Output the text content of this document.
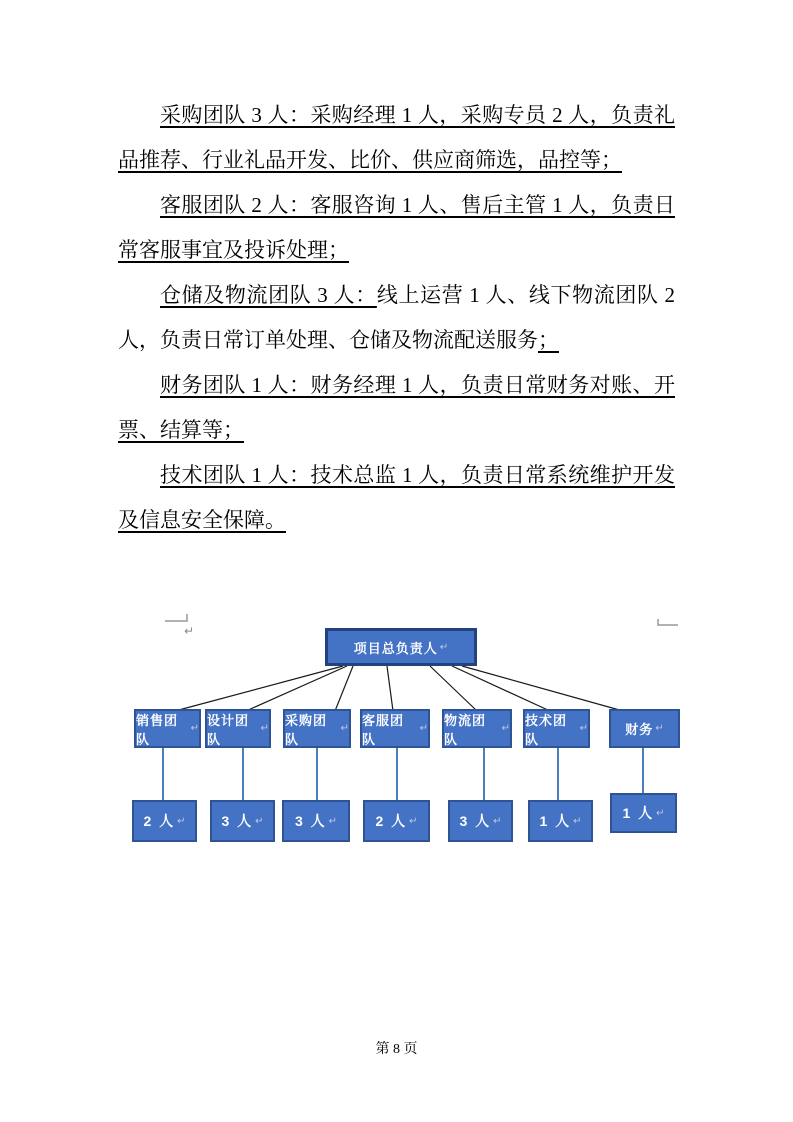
采购团队 3 人：采购经理 1 人，采购专员 2 人，负责礼品推荐、行业礼品开发、比价、供应商筛选，品控等；

客服团队 2 人：客服咨询 1 人、售后主管 1 人，负责日常客服事宜及投诉处理；

仓储及物流团队 3 人：线上运营 1 人、线下物流团队 2 人，负责日常订单处理、仓储及物流配送服务；

财务团队 1 人：财务经理 1 人，负责日常财务对账、开票、结算等；

技术团队 1 人：技术总监 1 人，负责日常系统维护开发及信息安全保障。

↵
项目总负责人 ↵
销售团队
↵
设计团队
↵
采购团队
↵
客服团队
↵
物流团队
↵
技术团队
↵	财务 ↵
2 人 ↵	3 人 ↵ 3 人 ↵	2 人 ↵	3 人 ↵	1 人 ↵	1 人 ↵
第 8 页
